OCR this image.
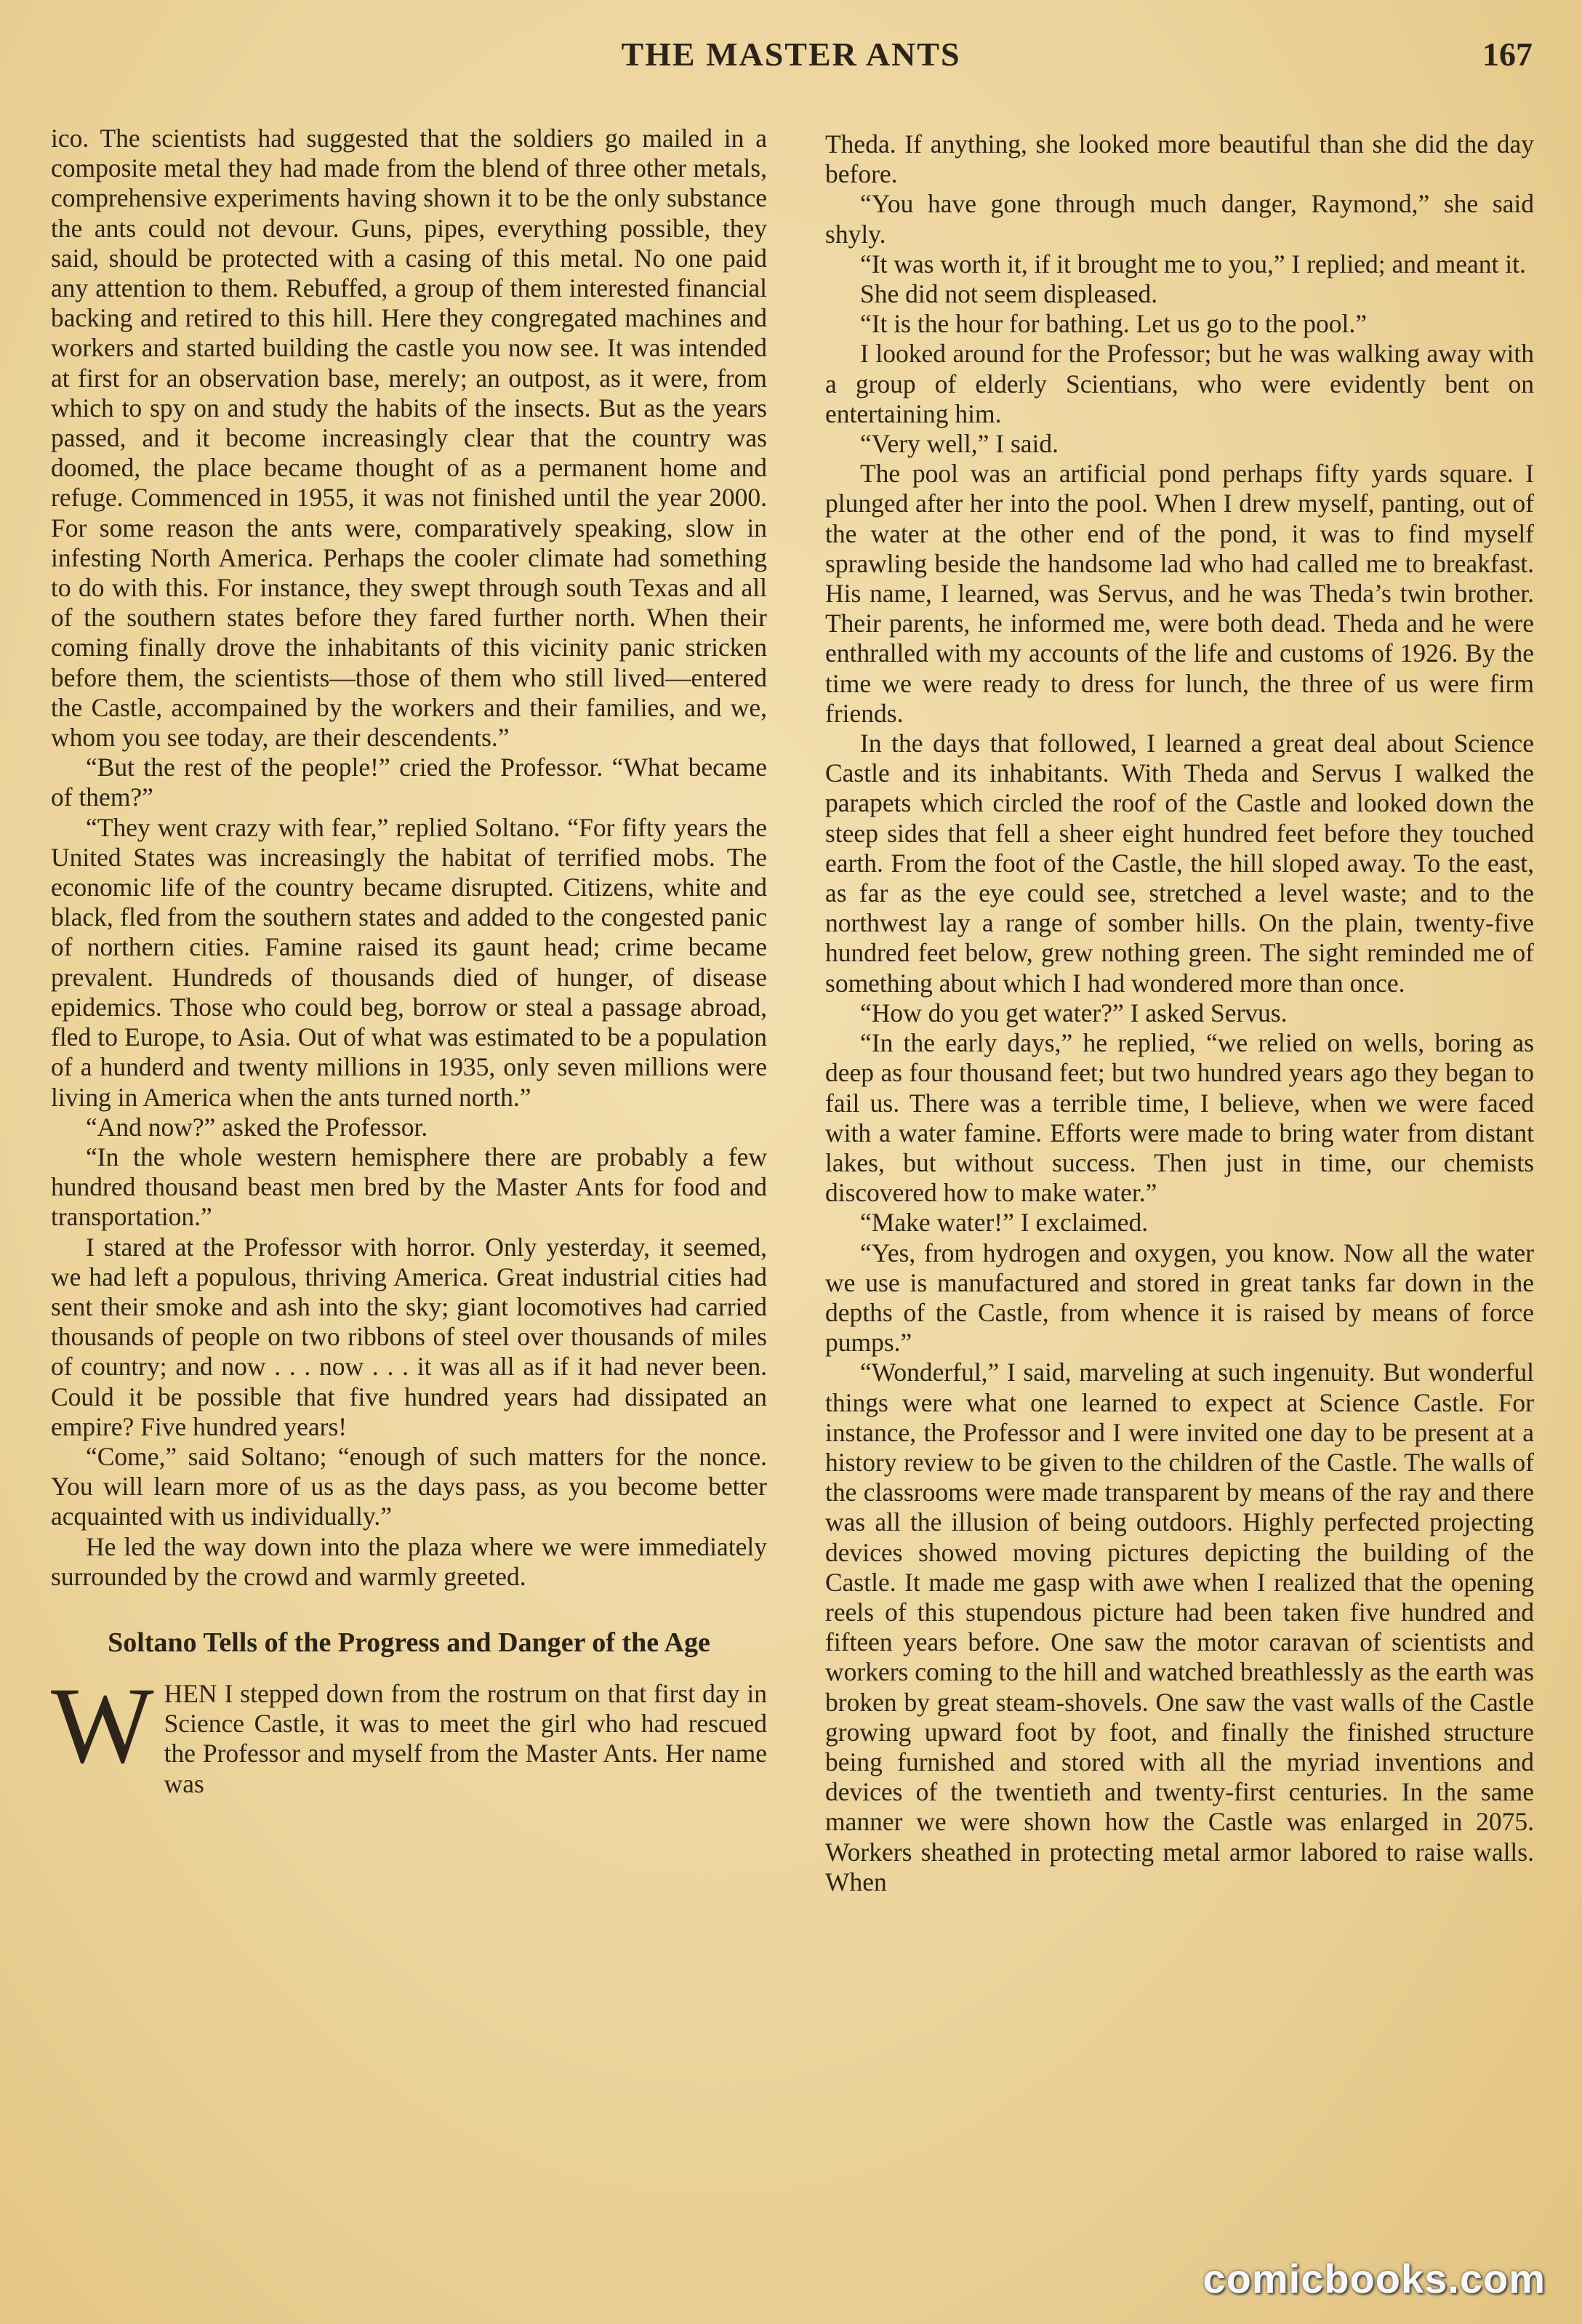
THE MASTER ANTS	167

ico. The scientists had suggested that the soldiers go mailed in a composite metal they had made from the blend of three other metals, comprehensive experiments having shown it to be the only substance the ants could not devour. Guns, pipes, everything possible, they said, should be protected with a casing of this metal. No one paid any attention to them. Rebuffed, a group of them interested financial backing and retired to this hill. Here they congregated machines and workers and started building the castle you now see. It was intended at first for an observation base, merely; an outpost, as it were, from which to spy on and study the habits of the insects. But as the years passed, and it become increasingly clear that the country was doomed, the place became thought of as a permanent home and refuge. Commenced in 1955, it was not finished until the year 2000. For some reason the ants were, comparatively speaking, slow in infesting North America. Perhaps the cooler climate had something to do with this. For instance, they swept through south Texas and all of the southern states before they fared further north. When their coming finally drove the inhabitants of this vicinity panic stricken before them, the scientists—those of them who still lived—entered the Castle, accompained by the workers and their families, and we, whom you see today, are their descendents.”

“But the rest of the people!” cried the Professor. “What became of them?”

“They went crazy with fear,” replied Soltano. “For fifty years the United States was increasingly the habitat of terrified mobs. The economic life of the country became disrupted. Citizens, white and black, fled from the southern states and added to the congested panic of northern cities. Famine raised its gaunt head; crime became prevalent. Hundreds of thousands died of hunger, of disease epidemics. Those who could beg, borrow or steal a passage abroad, fled to Europe, to Asia. Out of what was estimated to be a population of a hunderd and twenty millions in 1935, only seven millions were living in America when the ants turned north.”

“And now?” asked the Professor.

“In the whole western hemisphere there are probably a few hundred thousand beast men bred by the Master Ants for food and transportation.”

I stared at the Professor with horror. Only yesterday, it seemed, we had left a populous, thriving America. Great industrial cities had sent their smoke and ash into the sky; giant locomotives had carried thousands of people on two ribbons of steel over thousands of miles of country; and now . . . now . . . it was all as if it had never been. Could it be possible that five hundred years had dissipated an empire? Five hundred years!

“Come,” said Soltano; “enough of such matters for the nonce. You will learn more of us as the days pass, as you become better acquainted with us individually.”

He led the way down into the plaza where we were immediately surrounded by the crowd and warmly greeted.

Soltano Tells of the Progress and Danger of the Age

WHEN I stepped down from the rostrum on that first day in Science Castle, it was to meet the girl who had rescued the Professor and myself from the Master Ants. Her name was

Theda. If anything, she looked more beautiful than she did the day before.

“You have gone through much danger, Raymond,” she said shyly.

“It was worth it, if it brought me to you,” I replied; and meant it.

She did not seem displeased.

“It is the hour for bathing. Let us go to the pool.”

I looked around for the Professor; but he was walking away with a group of elderly Scientians, who were evidently bent on entertaining him.

“Very well,” I said.

The pool was an artificial pond perhaps fifty yards square. I plunged after her into the pool. When I drew myself, panting, out of the water at the other end of the pond, it was to find myself sprawling beside the handsome lad who had called me to breakfast. His name, I learned, was Servus, and he was Theda’s twin brother. Their parents, he informed me, were both dead. Theda and he were enthralled with my accounts of the life and customs of 1926. By the time we were ready to dress for lunch, the three of us were firm friends.

In the days that followed, I learned a great deal about Science Castle and its inhabitants. With Theda and Servus I walked the parapets which circled the roof of the Castle and looked down the steep sides that fell a sheer eight hundred feet before they touched earth. From the foot of the Castle, the hill sloped away. To the east, as far as the eye could see, stretched a level waste; and to the northwest lay a range of somber hills. On the plain, twenty-five hundred feet below, grew nothing green. The sight reminded me of something about which I had wondered more than once.

“How do you get water?” I asked Servus.

“In the early days,” he replied, “we relied on wells, boring as deep as four thousand feet; but two hundred years ago they began to fail us. There was a terrible time, I believe, when we were faced with a water famine. Efforts were made to bring water from distant lakes, but without success. Then just in time, our chemists discovered how to make water.”

“Make water!” I exclaimed.

“Yes, from hydrogen and oxygen, you know. Now all the water we use is manufactured and stored in great tanks far down in the depths of the Castle, from whence it is raised by means of force pumps.”

“Wonderful,” I said, marveling at such ingenuity. But wonderful things were what one learned to expect at Science Castle. For instance, the Professor and I were invited one day to be present at a history review to be given to the children of the Castle. The walls of the classrooms were made transparent by means of the ray and there was all the illusion of being outdoors. Highly perfected projecting devices showed moving pictures depicting the building of the Castle. It made me gasp with awe when I realized that the opening reels of this stupendous picture had been taken five hundred and fifteen years before. One saw the motor caravan of scientists and workers coming to the hill and watched breathlessly as the earth was broken by great steam-shovels. One saw the vast walls of the Castle growing upward foot by foot, and finally the finished structure being furnished and stored with all the myriad inventions and devices of the twentieth and twenty-first centuries. In the same manner we were shown how the Castle was enlarged in 2075. Workers sheathed in protecting metal armor labored to raise walls. When

comicbooks.com
